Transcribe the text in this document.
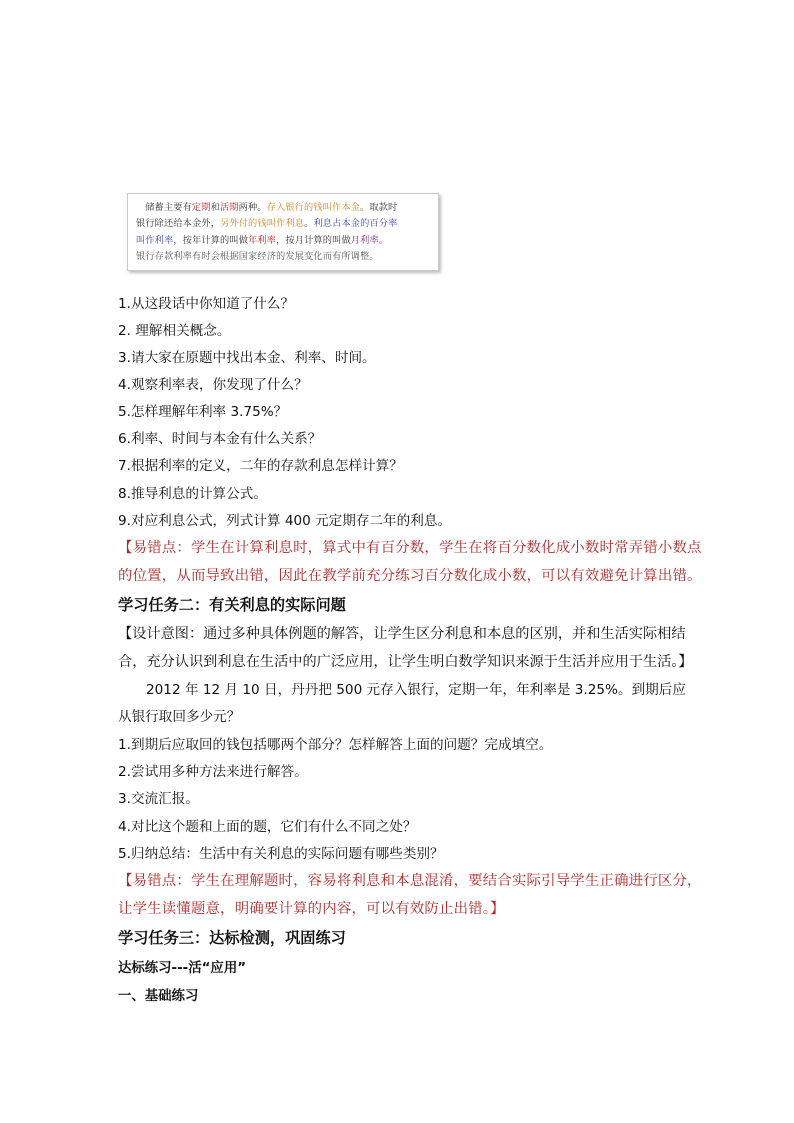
储蓄主要有定期和活期两种。存入银行的钱叫作本金。取款时
银行除还给本金外，另外付的钱叫作利息。利息占本金的百分率
叫作利率，按年计算的叫做年利率，按月计算的叫做月利率。
银行存款利率有时会根据国家经济的发展变化而有所调整。
1.从这段话中你知道了什么？
2. 理解相关概念。
3.请大家在原题中找出本金、利率、时间。
4.观察利率表，你发现了什么？
5.怎样理解年利率 3.75%？
6.利率、时间与本金有什么关系？
7.根据利率的定义，二年的存款利息怎样计算？
8.推导利息的计算公式。
9.对应利息公式，列式计算 400 元定期存二年的利息。
【易错点：学生在计算利息时，算式中有百分数，学生在将百分数化成小数时常弄错小数点
的位置，从而导致出错，因此在教学前充分练习百分数化成小数，可以有效避免计算出错。
学习任务二：有关利息的实际问题
【设计意图：通过多种具体例题的解答，让学生区分利息和本息的区别，并和生活实际相结
合，充分认识到利息在生活中的广泛应用，让学生明白数学知识来源于生活并应用于生活。】
2012 年 12 月 10 日，丹丹把 500 元存入银行，定期一年，年利率是 3.25%。到期后应
从银行取回多少元？
1.到期后应取回的钱包括哪两个部分？怎样解答上面的问题？完成填空。
2.尝试用多种方法来进行解答。
3.交流汇报。
4.对比这个题和上面的题，它们有什么不同之处？
5.归纳总结：生活中有关利息的实际问题有哪些类别？
【易错点：学生在理解题时，容易将利息和本息混淆，要结合实际引导学生正确进行区分，
让学生读懂题意，明确要计算的内容，可以有效防止出错。】
学习任务三：达标检测，巩固练习
达标练习---活“应用”
一、基础练习
